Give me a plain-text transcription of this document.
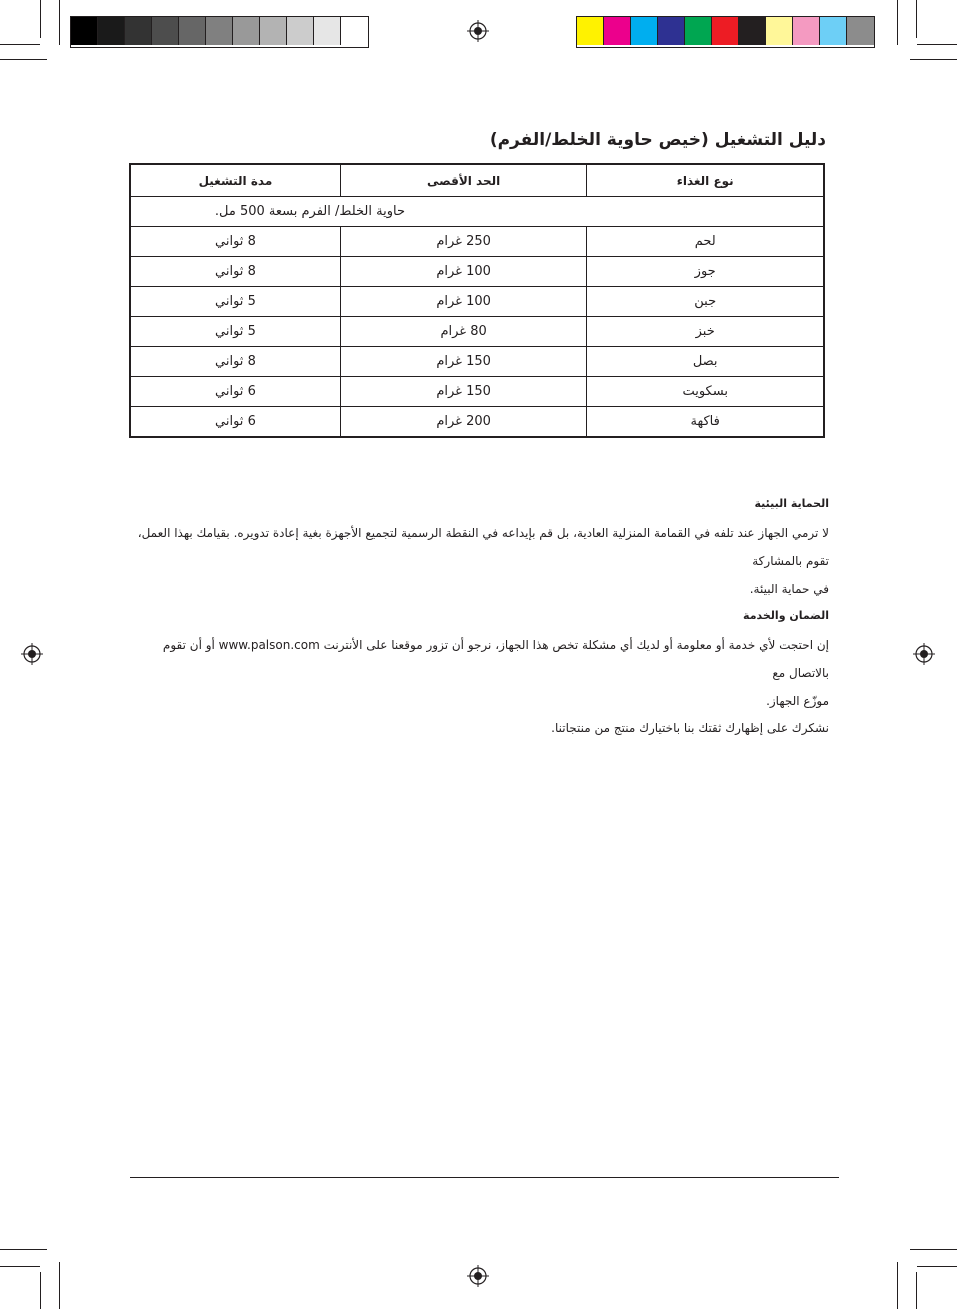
دليل التشغيل (خيص حاوية الخلط/الفرم)
نوع الغذاء	الحد الأقصى	مدة التشغيل
حاوية الخلط/ الفرم بسعة 500 مل.		
لحم	250 غرام	8 ثواني
جوز	100 غرام	8 ثواني
جبن	100 غرام	5 ثواني
خبز	80 غرام	5 ثواني
بصل	150 غرام	8 ثواني
بسكويت	150 غرام	6 ثواني
فاكهة	200 غرام	6 ثواني
الحماية البيئية
لا ترمي الجهاز عند تلفه في القمامة المنزلية العادية، بل قم بإيداعه في النقطة الرسمية لتجميع الأجهزة بغية إعادة تدويره. بقيامك بهذا العمل، تقوم بالمشاركة
في حماية البيئة.
الضمان والخدمة
إن احتجت لأي خدمة أو معلومة أو لديك أي مشكلة تخص هذا الجهاز، نرجو أن تزور موقعنا على الأنترنت www.palson.com أو أن تقوم بالاتصال مع
موزّع الجهاز.
نشكرك على إظهارك ثقتك بنا باختيارك منتج من منتجاتنا.
